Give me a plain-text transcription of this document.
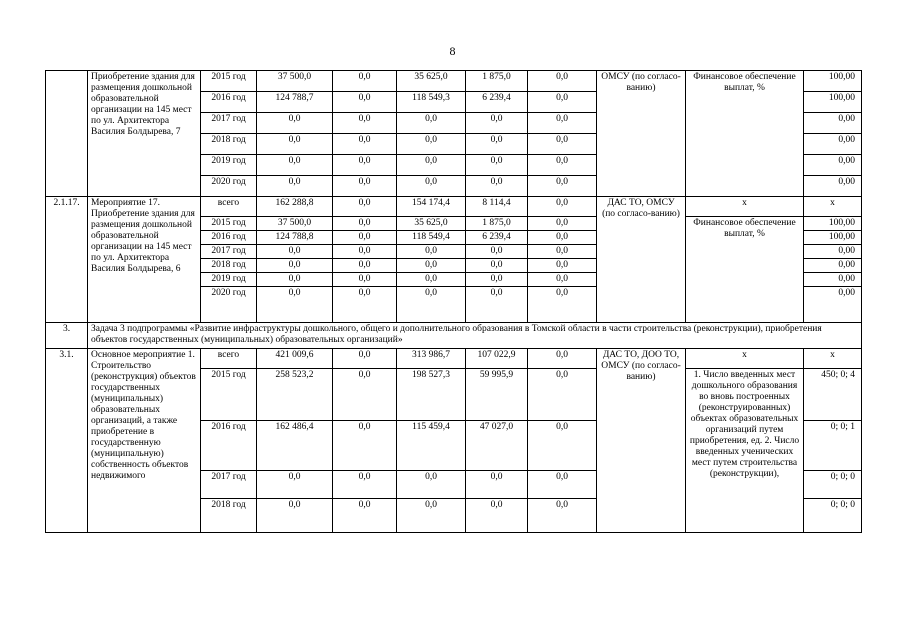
8
	Приобретение здания для размещения дошкольной образовательной организации на 145 мест по ул. Архитектора Василия Болдырева, 7	2015 год	37 500,0	0,0	35 625,0	1 875,0	0,0	ОМСУ (по согласо-ванию)	Финансовое обеспечение выплат, %	100,00
		2016 год	124 788,7	0,0	118 549,3	6 239,4	0,0			100,00
		2017 год	0,0	0,0	0,0	0,0	0,0			0,00
		2018 год	0,0	0,0	0,0	0,0	0,0			0,00
		2019 год	0,0	0,0	0,0	0,0	0,0			0,00
		2020 год	0,0	0,0	0,0	0,0	0,0			0,00
2.1.17.	Мероприятие 17. Приобретение здания для размещения дошкольной образовательной организации на 145 мест по ул. Архитектора Василия Болдырева, 6	всего	162 288,8	0,0	154 174,4	8 114,4	0,0	ДАС ТО, ОМСУ (по согласо-ванию)	x	x
		2015 год	37 500,0	0,0	35 625,0	1 875,0	0,0		Финансовое обеспечение выплат, %	100,00
		2016 год	124 788,8	0,0	118 549,4	6 239,4	0,0			100,00
		2017 год	0,0	0,0	0,0	0,0	0,0			0,00
		2018 год	0,0	0,0	0,0	0,0	0,0			0,00
		2019 год	0,0	0,0	0,0	0,0	0,0			0,00
		2020 год	0,0	0,0	0,0	0,0	0,0			0,00
3.	Задача 3 подпрограммы «Развитие инфраструктуры дошкольного, общего и дополнительного образования в Томской области в части строительства (реконструкции), приобретения объектов государственных (муниципальных) образовательных организаций»									
3.1.	Основное мероприятие 1. Строительство (реконструкция) объектов государственных (муниципальных) образовательных организаций, а также приобретение в государственную (муниципальную) собственность объектов недвижимого	всего	421 009,6	0,0	313 986,7	107 022,9	0,0	ДАС ТО, ДОО ТО, ОМСУ (по согласо-ванию)	x	x
		2015 год	258 523,2	0,0	198 527,3	59 995,9	0,0		1. Число введенных мест дошкольного образования во вновь построенных (реконструированных) объектах образовательных организаций путем приобретения, ед. 2. Число введенных ученических мест путем строительства (реконструкции),	450; 0; 4
		2016 год	162 486,4	0,0	115 459,4	47 027,0	0,0			0; 0; 1
		2017 год	0,0	0,0	0,0	0,0	0,0			0; 0; 0
		2018 год	0,0	0,0	0,0	0,0	0,0			0; 0; 0
